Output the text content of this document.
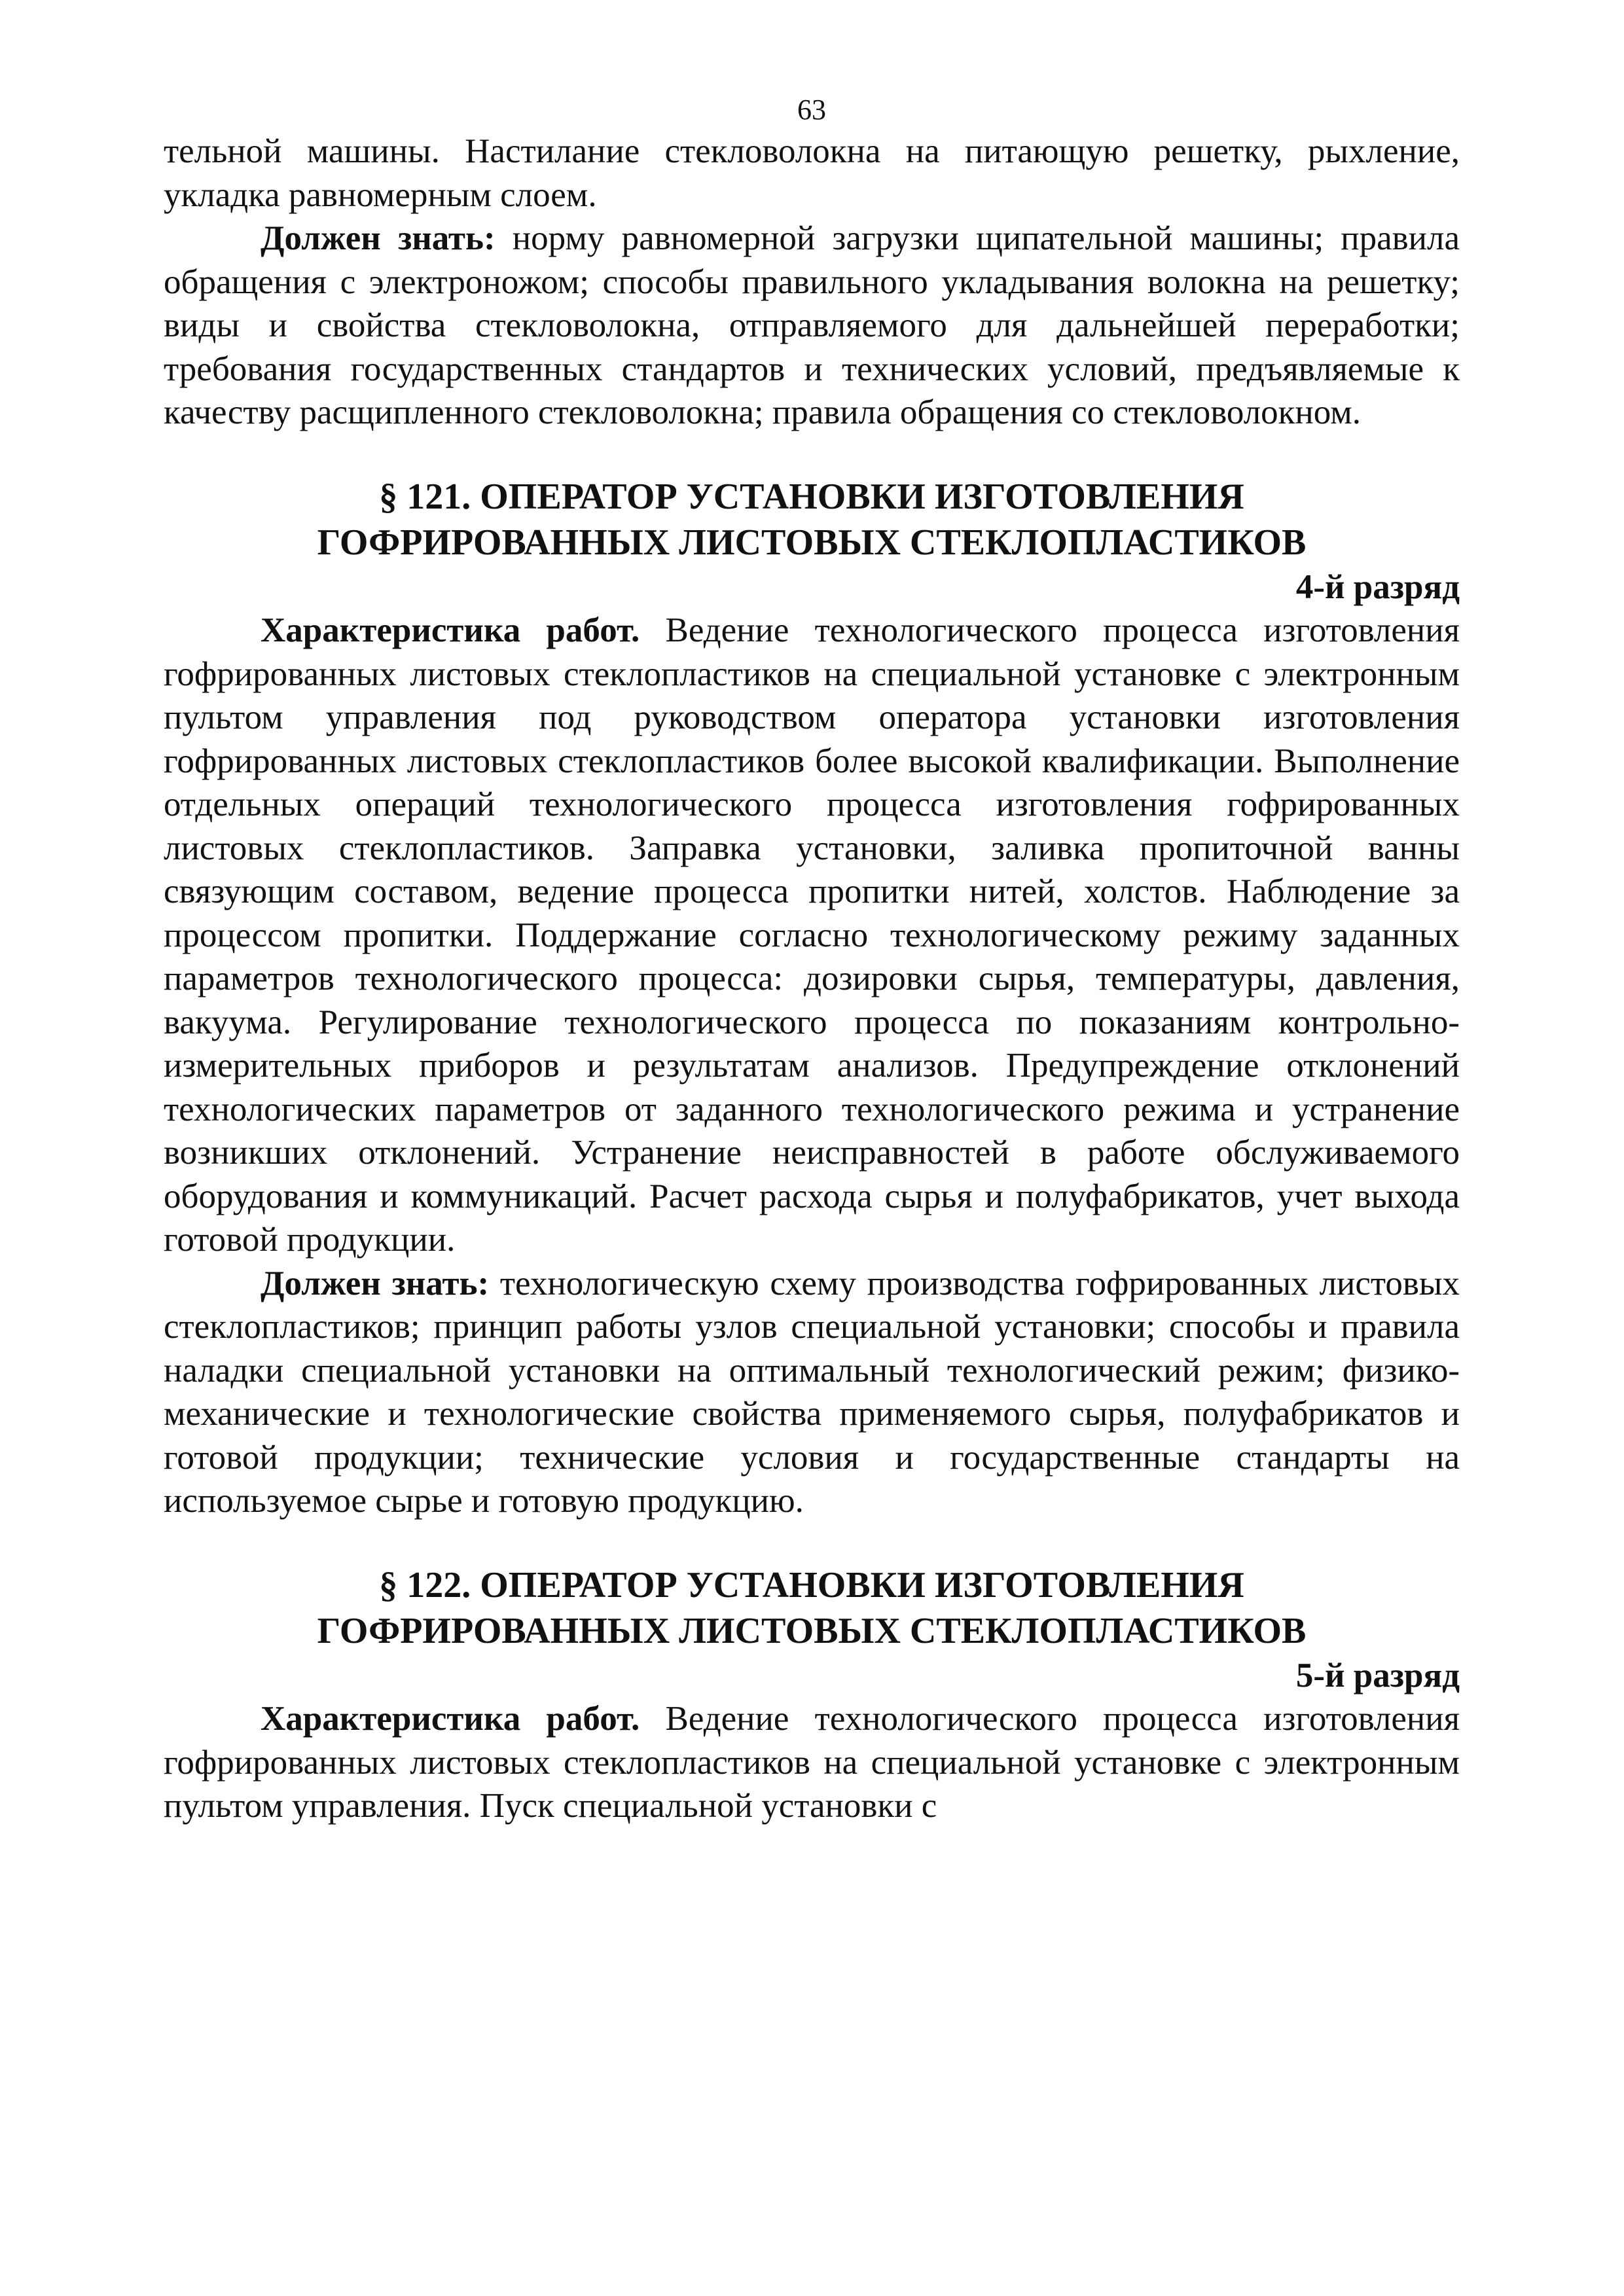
63

тельной машины. Настилание стекловолокна на питающую решетку, рыхление, укладка равномерным слоем.

Должен знать: норму равномерной загрузки щипательной машины; правила обращения с электроножом; способы правильного укладывания волокна на решетку; виды и свойства стекловолокна, отправляемого для дальнейшей переработки; требования государственных стандартов и технических условий, предъявляемые к качеству расщипленного стекловолокна; правила обращения со стекловолокном.

§ 121. ОПЕРАТОР УСТАНОВКИ ИЗГОТОВЛЕНИЯ
ГОФРИРОВАННЫХ ЛИСТОВЫХ СТЕКЛОПЛАСТИКОВ

4-й разряд

Характеристика работ. Ведение технологического процесса изготовления гофрированных листовых стеклопластиков на специальной установке с электронным пультом управления под руководством оператора установки изготовления гофрированных листовых стеклопластиков более высокой квалификации. Выполнение отдельных операций технологического процесса изготовления гофрированных листовых стеклопластиков. Заправка установки, заливка пропиточной ванны связующим составом, ведение процесса пропитки нитей, холстов. Наблюдение за процессом пропитки. Поддержание согласно технологическому режиму заданных параметров технологического процесса: дозировки сырья, температуры, давления, вакуума. Регулирование технологического процесса по показаниям контрольно-измерительных приборов и результатам анализов. Предупреждение отклонений технологических параметров от заданного технологического режима и устранение возникших отклонений. Устранение неисправностей в работе обслуживаемого оборудования и коммуникаций. Расчет расхода сырья и полуфабрикатов, учет выхода готовой продукции.

Должен знать: технологическую схему производства гофрированных листовых стеклопластиков; принцип работы узлов специальной установки; способы и правила наладки специальной установки на оптимальный технологический режим; физико-механические и технологические свойства применяемого сырья, полуфабрикатов и готовой продукции; технические условия и государственные стандарты на используемое сырье и готовую продукцию.

§ 122. ОПЕРАТОР УСТАНОВКИ ИЗГОТОВЛЕНИЯ
ГОФРИРОВАННЫХ ЛИСТОВЫХ СТЕКЛОПЛАСТИКОВ

5-й разряд

Характеристика работ. Ведение технологического процесса изготовления гофрированных листовых стеклопластиков на специальной установке с электронным пультом управления. Пуск специальной установки с
